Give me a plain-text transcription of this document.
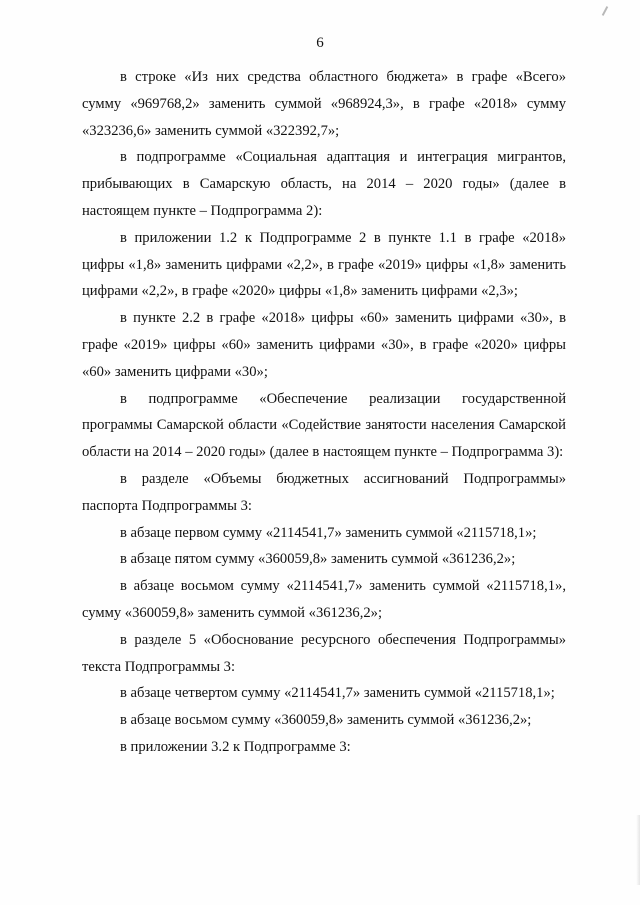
6

в строке «Из них средства областного бюджета» в графе «Всего» сумму «969768,2» заменить суммой «968924,3», в графе «2018» сумму «323236,6» заменить суммой «322392,7»;

в подпрограмме «Социальная адаптация и интеграция мигрантов, прибывающих в Самарскую область, на 2014 – 2020 годы» (далее в настоящем пункте – Подпрограмма 2):

в приложении 1.2 к Подпрограмме 2 в пункте 1.1 в графе «2018» цифры «1,8» заменить цифрами «2,2», в графе «2019» цифры «1,8» заменить цифрами «2,2», в графе «2020» цифры «1,8» заменить цифрами «2,3»;

в пункте 2.2 в графе «2018» цифры «60» заменить цифрами «30», в графе «2019» цифры «60» заменить цифрами «30», в графе «2020» цифры «60» заменить цифрами «30»;

в подпрограмме «Обеспечение реализации государственной программы Самарской области «Содействие занятости населения Самарской области на 2014 – 2020 годы» (далее в настоящем пункте – Подпрограмма 3):

в разделе «Объемы бюджетных ассигнований Подпрограммы» паспорта Подпрограммы 3:

в абзаце первом сумму «2114541,7» заменить суммой «2115718,1»;

в абзаце пятом сумму «360059,8» заменить суммой «361236,2»;

в абзаце восьмом сумму «2114541,7» заменить суммой «2115718,1», сумму «360059,8» заменить суммой «361236,2»;

в разделе 5 «Обоснование ресурсного обеспечения Подпрограммы» текста Подпрограммы 3:

в абзаце четвертом сумму «2114541,7» заменить суммой «2115718,1»;

в абзаце восьмом сумму «360059,8» заменить суммой «361236,2»;

в приложении 3.2 к Подпрограмме 3:
